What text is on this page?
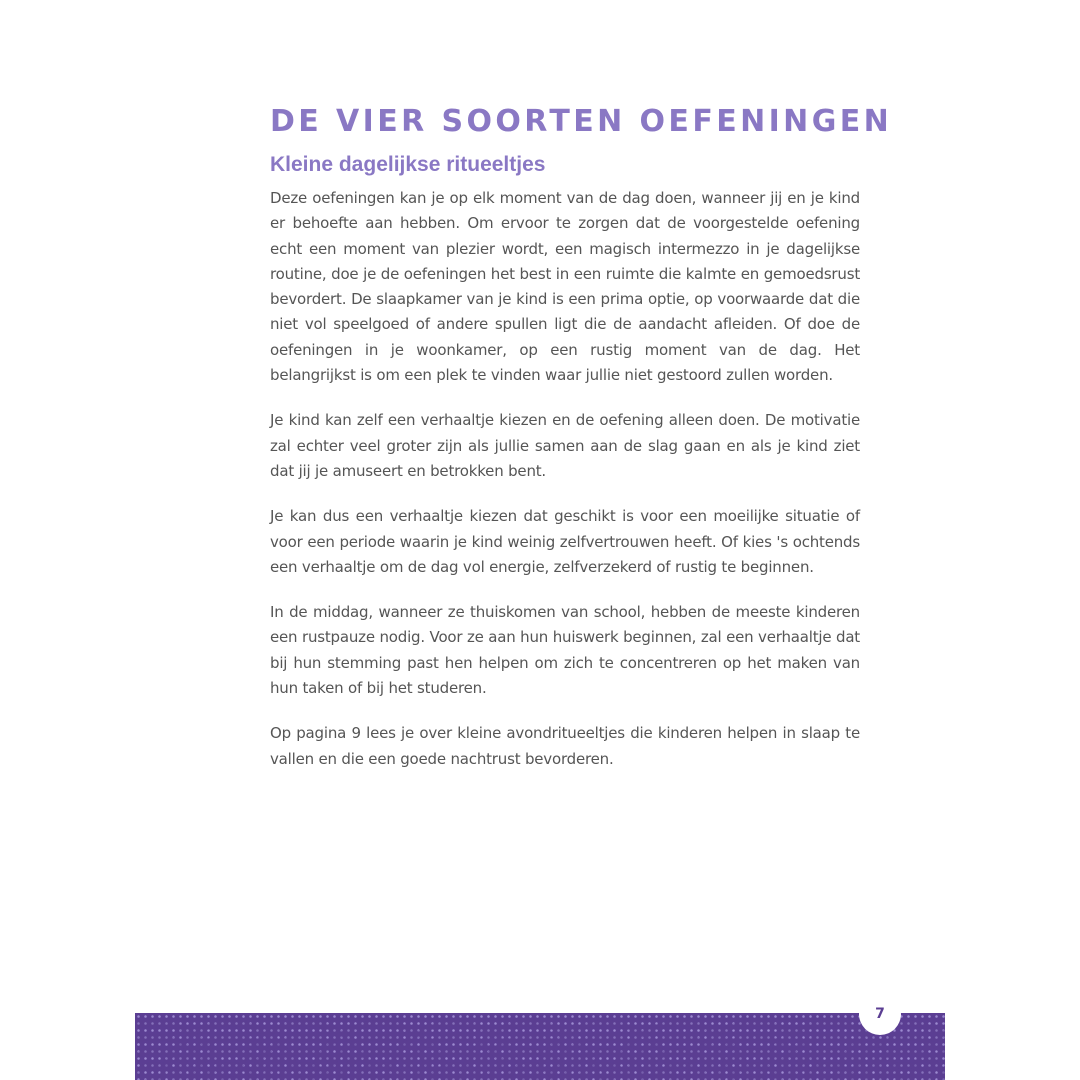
DE VIER SOORTEN OEFENINGEN
Kleine dagelijkse ritueeltjes

Deze oefeningen kan je op elk moment van de dag doen, wanneer jij en je kind er behoefte aan hebben. Om ervoor te zorgen dat de voorgestelde oefening echt een moment van plezier wordt, een magisch intermezzo in je dagelijkse routine, doe je de oefeningen het best in een ruimte die kalmte en gemoedsrust bevordert. De slaapkamer van je kind is een prima optie, op voorwaarde dat die niet vol speelgoed of andere spullen ligt die de aandacht afleiden. Of doe de oefeningen in je woonkamer, op een rustig moment van de dag. Het belangrijkst is om een plek te vinden waar jullie niet gestoord zullen worden.

Je kind kan zelf een verhaaltje kiezen en de oefening alleen doen. De motivatie zal echter veel groter zijn als jullie samen aan de slag gaan en als je kind ziet dat jij je amuseert en betrokken bent.

Je kan dus een verhaaltje kiezen dat geschikt is voor een moeilijke situatie of voor een periode waarin je kind weinig zelfvertrouwen heeft. Of kies 's ochtends een verhaaltje om de dag vol energie, zelfverzekerd of rustig te beginnen.

In de middag, wanneer ze thuiskomen van school, hebben de meeste kinderen een rustpauze nodig. Voor ze aan hun huiswerk beginnen, zal een verhaaltje dat bij hun stemming past hen helpen om zich te concentreren op het maken van hun taken of bij het studeren.

Op pagina 9 lees je over kleine avondritueeltjes die kinderen helpen in slaap te vallen en die een goede nachtrust bevorderen.

7
